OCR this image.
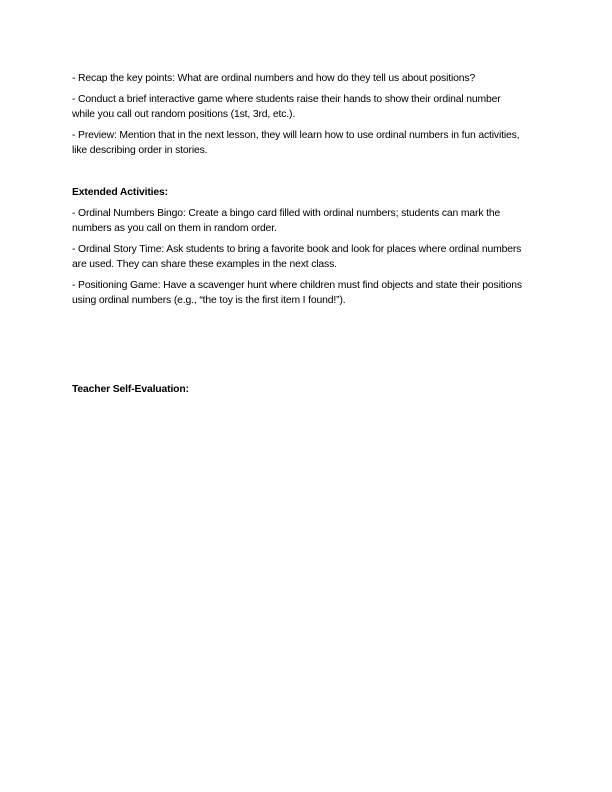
- Recap the key points: What are ordinal numbers and how do they tell us about positions?

- Conduct a brief interactive game where students raise their hands to show their ordinal number while you call out random positions (1st, 3rd, etc.).

- Preview: Mention that in the next lesson, they will learn how to use ordinal numbers in fun activities, like describing order in stories.

Extended Activities:

- Ordinal Numbers Bingo: Create a bingo card filled with ordinal numbers; students can mark the numbers as you call on them in random order.

- Ordinal Story Time: Ask students to bring a favorite book and look for places where ordinal numbers are used. They can share these examples in the next class.

- Positioning Game: Have a scavenger hunt where children must find objects and state their positions using ordinal numbers (e.g., “the toy is the first item I found!”).

Teacher Self-Evaluation:
